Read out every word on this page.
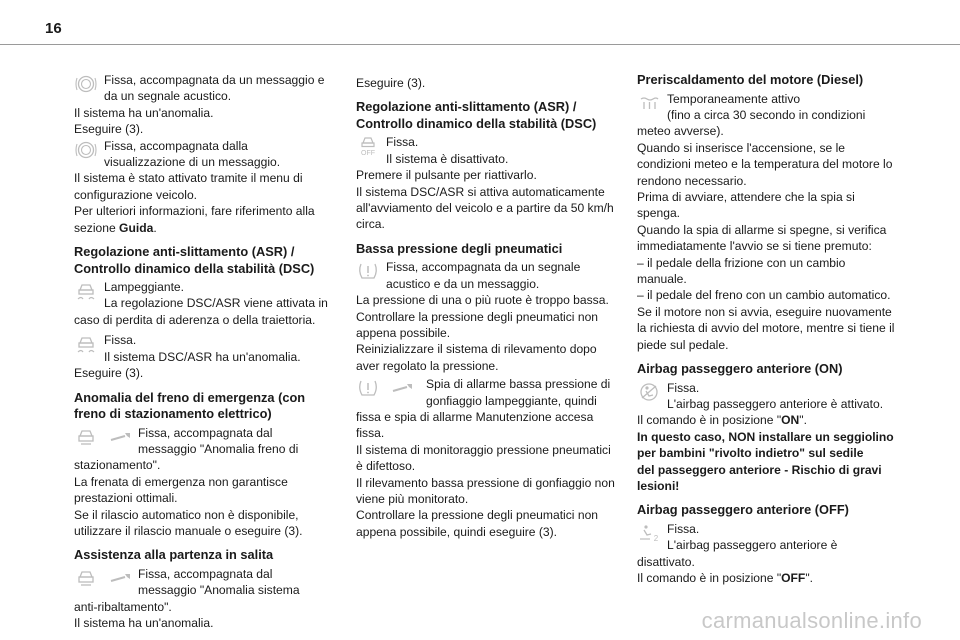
16

Fissa, accompagnata da un messaggio e

da un segnale acustico.

Il sistema ha un'anomalia.

Eseguire (3).

Fissa, accompagnata dalla

visualizzazione di un messaggio.

Il sistema è stato attivato tramite il menu di

configurazione veicolo.

Per ulteriori informazioni, fare riferimento alla

sezione Guida.

Regolazione anti-slittamento (ASR) /
Controllo dinamico della stabilità (DSC)

Lampeggiante.

La regolazione DSC/ASR viene attivata in

caso di perdita di aderenza o della traiettoria.

Fissa.

Il sistema DSC/ASR ha un'anomalia.

Eseguire (3).

Anomalia del freno di emergenza (con
freno di stazionamento elettrico)

Fissa, accompagnata dal

messaggio "Anomalia freno di

stazionamento".

La frenata di emergenza non garantisce

prestazioni ottimali.

Se il rilascio automatico non è disponibile,

utilizzare il rilascio manuale o eseguire (3).

Assistenza alla partenza in salita

Fissa, accompagnata dal

messaggio "Anomalia sistema

anti-ribaltamento".

Il sistema ha un'anomalia.

Eseguire (3).

Regolazione anti-slittamento (ASR) /
Controllo dinamico della stabilità (DSC)
OFF

Fissa.

Il sistema è disattivato.

Premere il pulsante per riattivarlo.

Il sistema DSC/ASR si attiva automaticamente

all'avviamento del veicolo e a partire da 50 km/h

circa.

Bassa pressione degli pneumatici

Fissa, accompagnata da un segnale

acustico e da un messaggio.

La pressione di una o più ruote è troppo bassa.

Controllare la pressione degli pneumatici non

appena possibile.

Reinizializzare il sistema di rilevamento dopo

aver regolato la pressione.

Spia di allarme bassa pressione di

gonfiaggio lampeggiante, quindi

fissa e spia di allarme Manutenzione accesa

fissa.

Il sistema di monitoraggio pressione pneumatici

è difettoso.

Il rilevamento bassa pressione di gonfiaggio non

viene più monitorato.

Controllare la pressione degli pneumatici non

appena possibile, quindi eseguire (3).

Preriscaldamento del motore (Diesel)

Temporaneamente attivo

(fino a circa 30 secondo in condizioni

meteo avverse).

Quando si inserisce l'accensione, se le

condizioni meteo e la temperatura del motore lo

rendono necessario.

Prima di avviare, attendere che la spia si

spenga.

Quando la spia di allarme si spegne, si verifica

immediatamente l'avvio se si tiene premuto:

– il pedale della frizione con un cambio

manuale.

– il pedale del freno con un cambio automatico.

Se il motore non si avvia, eseguire nuovamente

la richiesta di avvio del motore, mentre si tiene il

piede sul pedale.

Airbag passeggero anteriore (ON)

Fissa.

L'airbag passeggero anteriore è attivato.

Il comando è in posizione "ON".

In questo caso, NON installare un seggiolino

per bambini "rivolto indietro" sul sedile

del passeggero anteriore - Rischio di gravi

lesioni!

Airbag passeggero anteriore (OFF)
2

Fissa.

L'airbag passeggero anteriore è

disattivato.

Il comando è in posizione "OFF".

carmanualsonline.info
